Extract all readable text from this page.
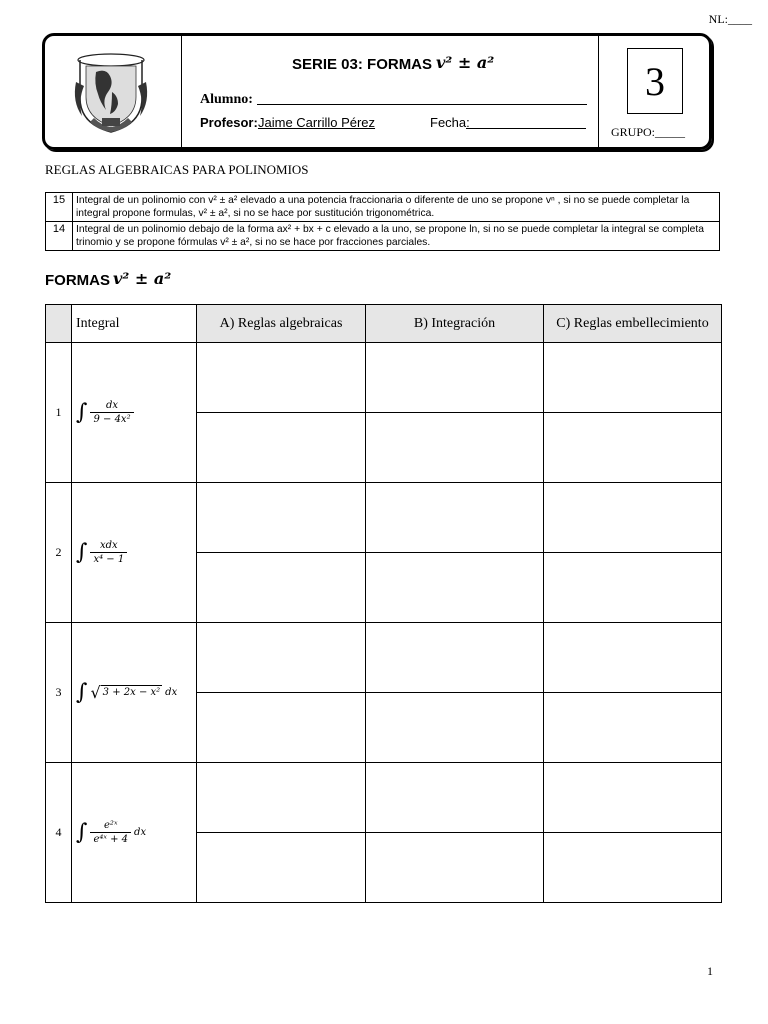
NL:____
SERIE 03: FORMAS v² ± a²
Alumno:
Profesor: Jaime Carrillo Pérez	Fecha:
3
GRUPO:_____
REGLAS ALGEBRAICAS PARA POLINOMIOS
15	Integral de un polinomio con v² ± a² elevado a una potencia fraccionaria o diferente de uno se propone vⁿ , si no se puede completar la integral propone formulas, v² ± a², si no se hace por sustitución trigonométrica.
14	Integral de un polinomio debajo de la forma ax² + bx + c elevado a la uno, se propone ln, si no se puede completar la integral se completa trinomio y se propone fórmulas v² ± a², si no se hace por fracciones parciales.
FORMAS v² ± a²
	Integral	A) Reglas algebraicas	B) Integración	C) Reglas embellecimiento
1	∫ $\frac{dx}{\text{9 − 4x²}}$

2	∫ $\frac{\text{xdx}}{\text{x⁴ − 1}}$

3	∫ √ 3 + 2x − x² dx			

4	∫ $\frac{\text{e²ˣ}}{\text{e⁴ˣ + 4}}$ dx			

1
